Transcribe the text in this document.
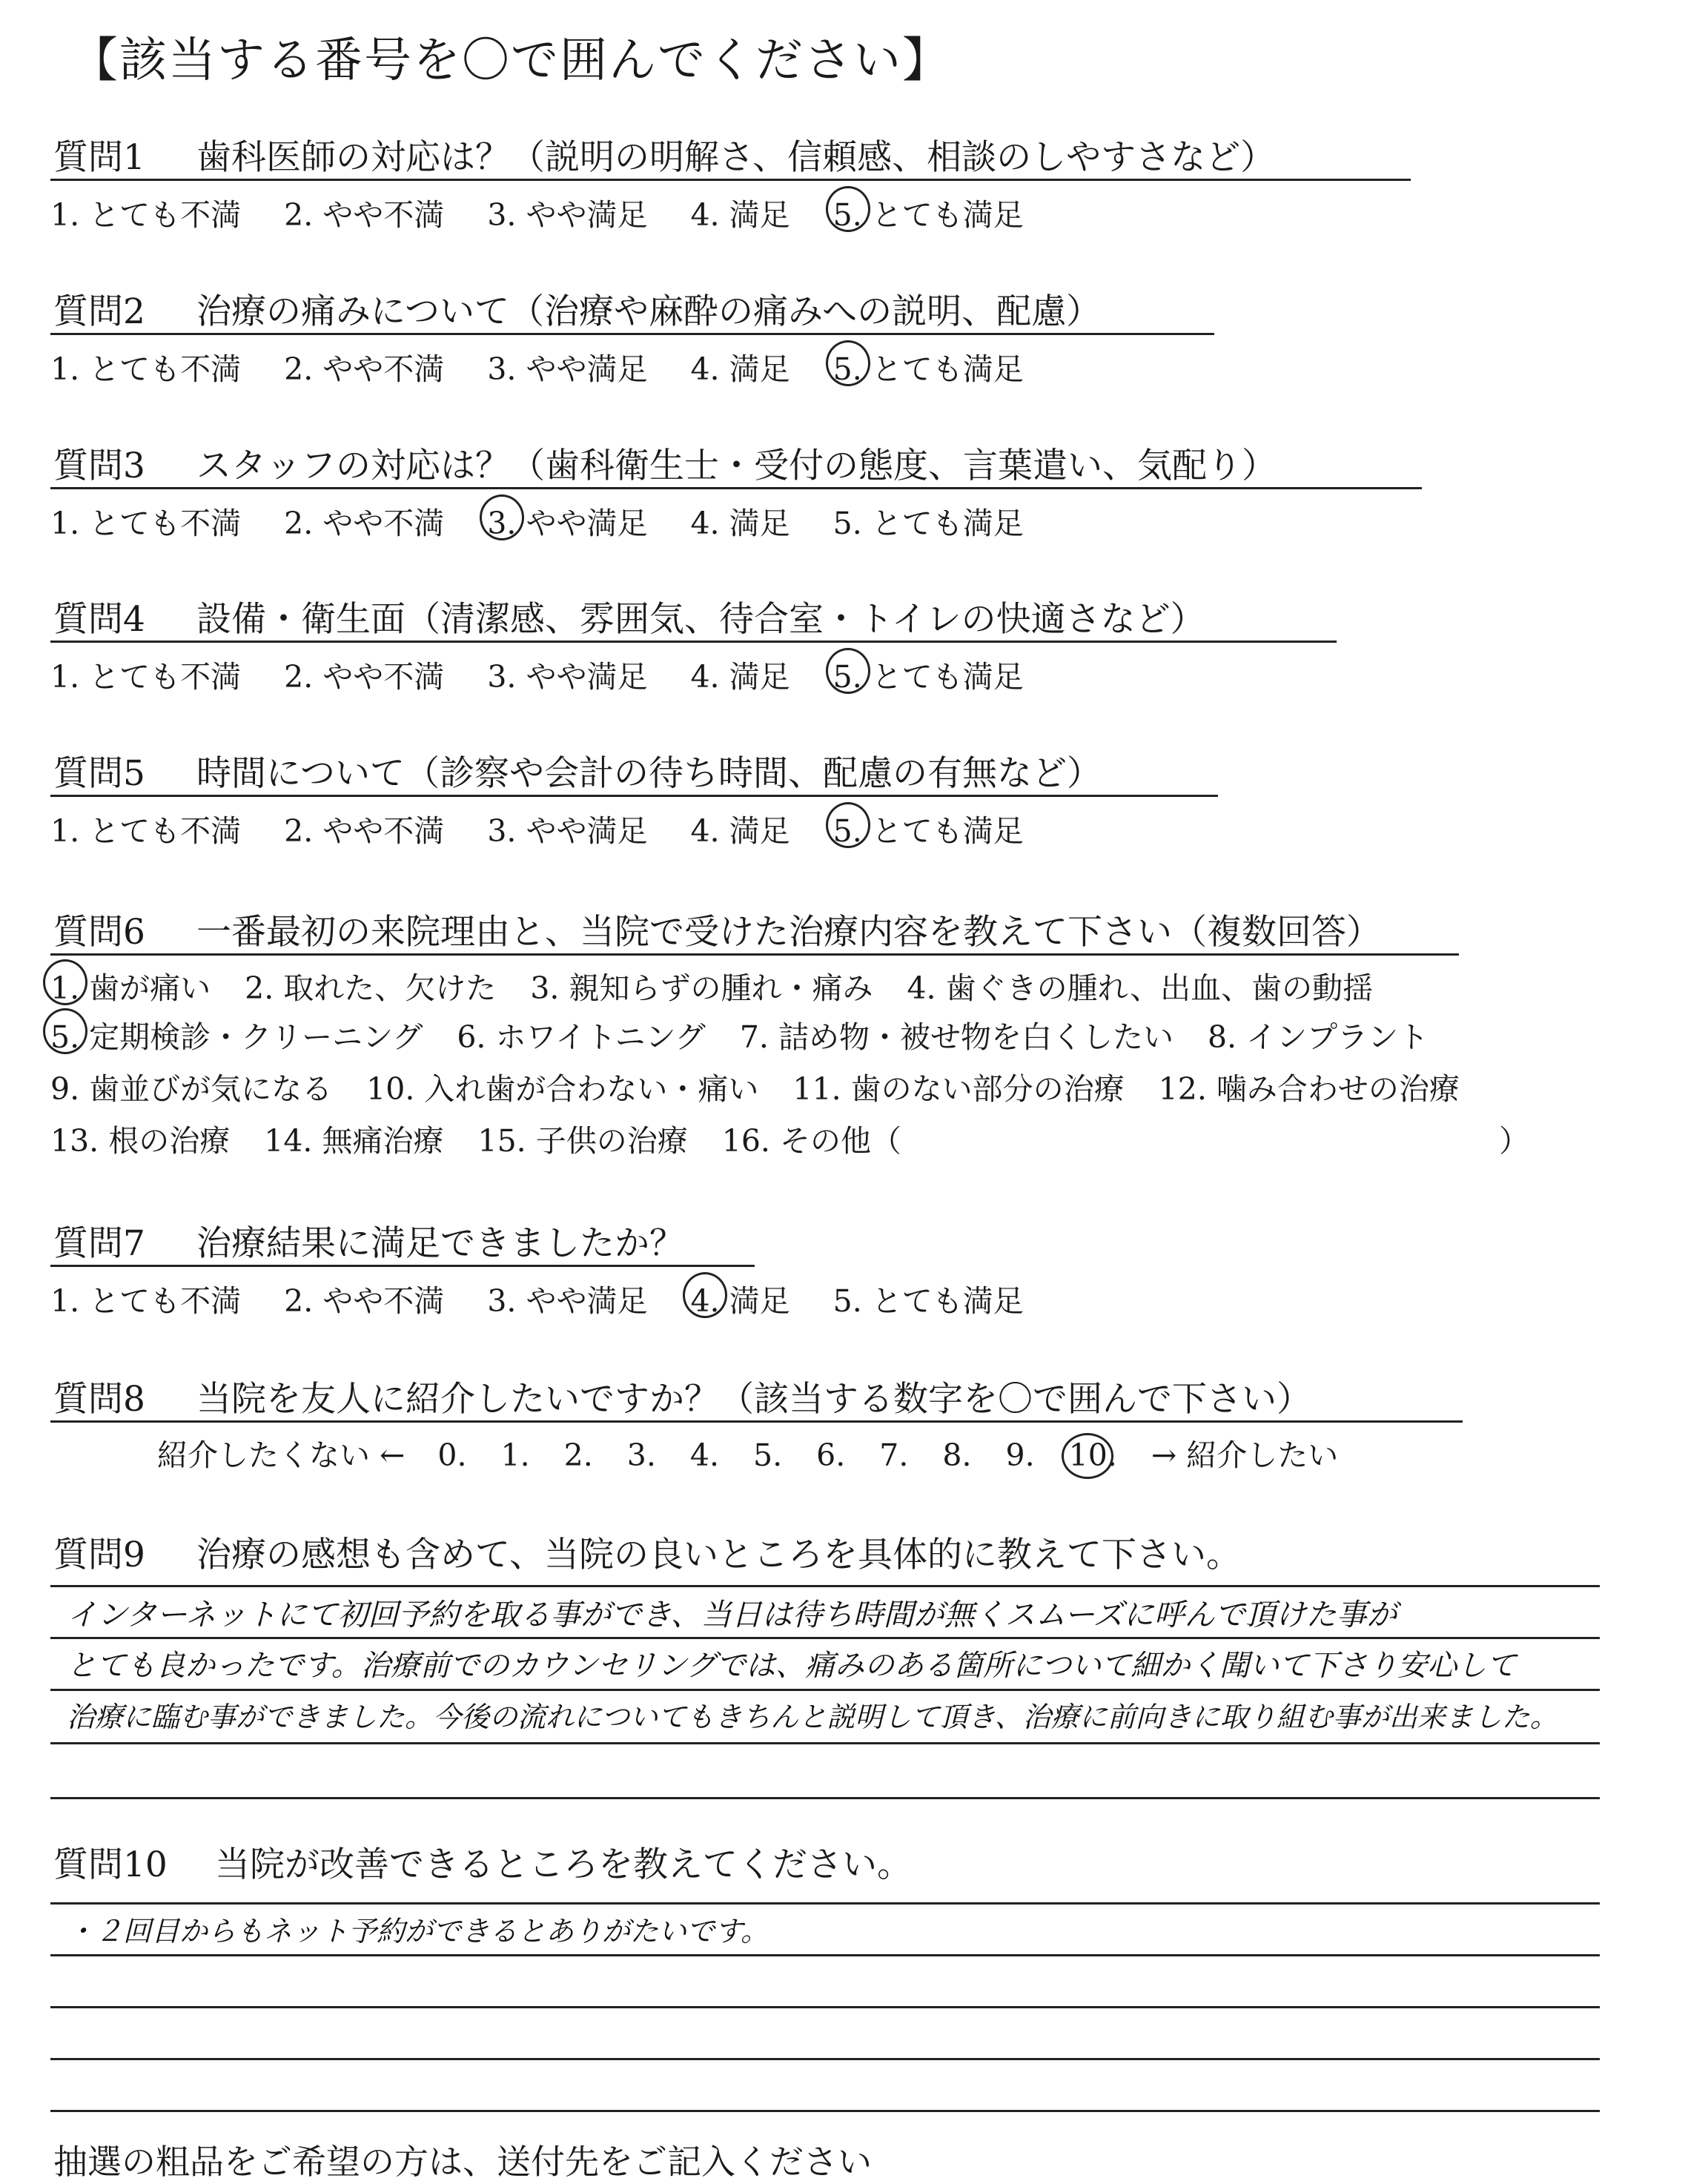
【該当する番号を〇で囲んでください】
質問1 歯科医師の対応は？（説明の明解さ、信頼感、相談のしやすさなど）
1. とても不満 2. やや不満 3. やや満足 4. 満足 5. とても満足
質問2 治療の痛みについて（治療や麻酔の痛みへの説明、配慮）
1. とても不満 2. やや不満 3. やや満足 4. 満足 5. とても満足
質問3 スタッフの対応は？（歯科衛生士・受付の態度、言葉遣い、気配り）
1. とても不満 2. やや不満 3. やや満足 4. 満足 5. とても満足
質問4 設備・衛生面（清潔感、雰囲気、待合室・トイレの快適さなど）
1. とても不満 2. やや不満 3. やや満足 4. 満足 5. とても満足
質問5 時間について（診察や会計の待ち時間、配慮の有無など）
1. とても不満 2. やや不満 3. やや満足 4. 満足 5. とても満足
質問6 一番最初の来院理由と、当院で受けた治療内容を教えて下さい（複数回答）
1. 歯が痛い 2. 取れた、欠けた 3. 親知らずの腫れ・痛み 4. 歯ぐきの腫れ、出血、歯の動揺
5. 定期検診・クリーニング 6. ホワイトニング 7. 詰め物・被せ物を白くしたい 8. インプラント
9. 歯並びが気になる 10. 入れ歯が合わない・痛い 11. 歯のない部分の治療 12. 噛み合わせの治療
13. 根の治療 14. 無痛治療 15. 子供の治療 16. その他（	）
質問7 治療結果に満足できましたか？
1. とても不満 2. やや不満 3. やや満足 4. 満足 5. とても満足
質問8 当院を友人に紹介したいですか？（該当する数字を〇で囲んで下さい）
紹介したくない ← 0. 1. 2. 3. 4. 5. 6. 7. 8. 9. 10. → 紹介したい
質問9 治療の感想も含めて、当院の良いところを具体的に教えて下さい。
インターネットにて初回予約を取る事ができ、当日は待ち時間が無くスムーズに呼んで頂けた事が
とても良かったです。治療前でのカウンセリングでは、痛みのある箇所について細かく聞いて下さり安心して
治療に臨む事ができました。今後の流れについてもきちんと説明して頂き、治療に前向きに取り組む事が出来ました。
質問10 当院が改善できるところを教えてください。
・２回目からもネット予約ができるとありがたいです。
抽選の粗品をご希望の方は、送付先をご記入ください
